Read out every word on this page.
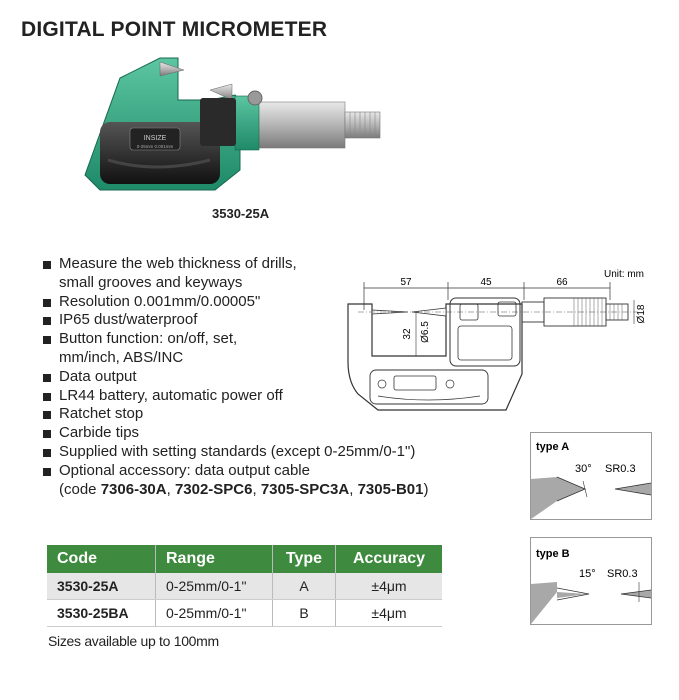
DIGITAL POINT MICROMETER
INSIZE
0-25mm 0.001mm
3530-25A
Measure the web thickness of drills,
small grooves and keyways
Resolution 0.001mm/0.00005"
IP65 dust/waterproof
Button function: on/off, set,
mm/inch, ABS/INC
Data output
LR44 battery, automatic power off
Ratchet stop
Carbide tips
Supplied with setting standards (except 0-25mm/0-1")
Optional accessory: data output cable
(code 7306-30A, 7302-SPC6, 7305-SPC3A, 7305-B01)
Unit: mm
57	45	66
Ø18
32 Ø6.5
type A
30° SR0.3
type B
15° SR0.3
Code	Range	Type	Accuracy
3530-25A	0-25mm/0-1"	A	±4μm
3530-25BA	0-25mm/0-1"	B	±4μm
Sizes available up to 100mm
